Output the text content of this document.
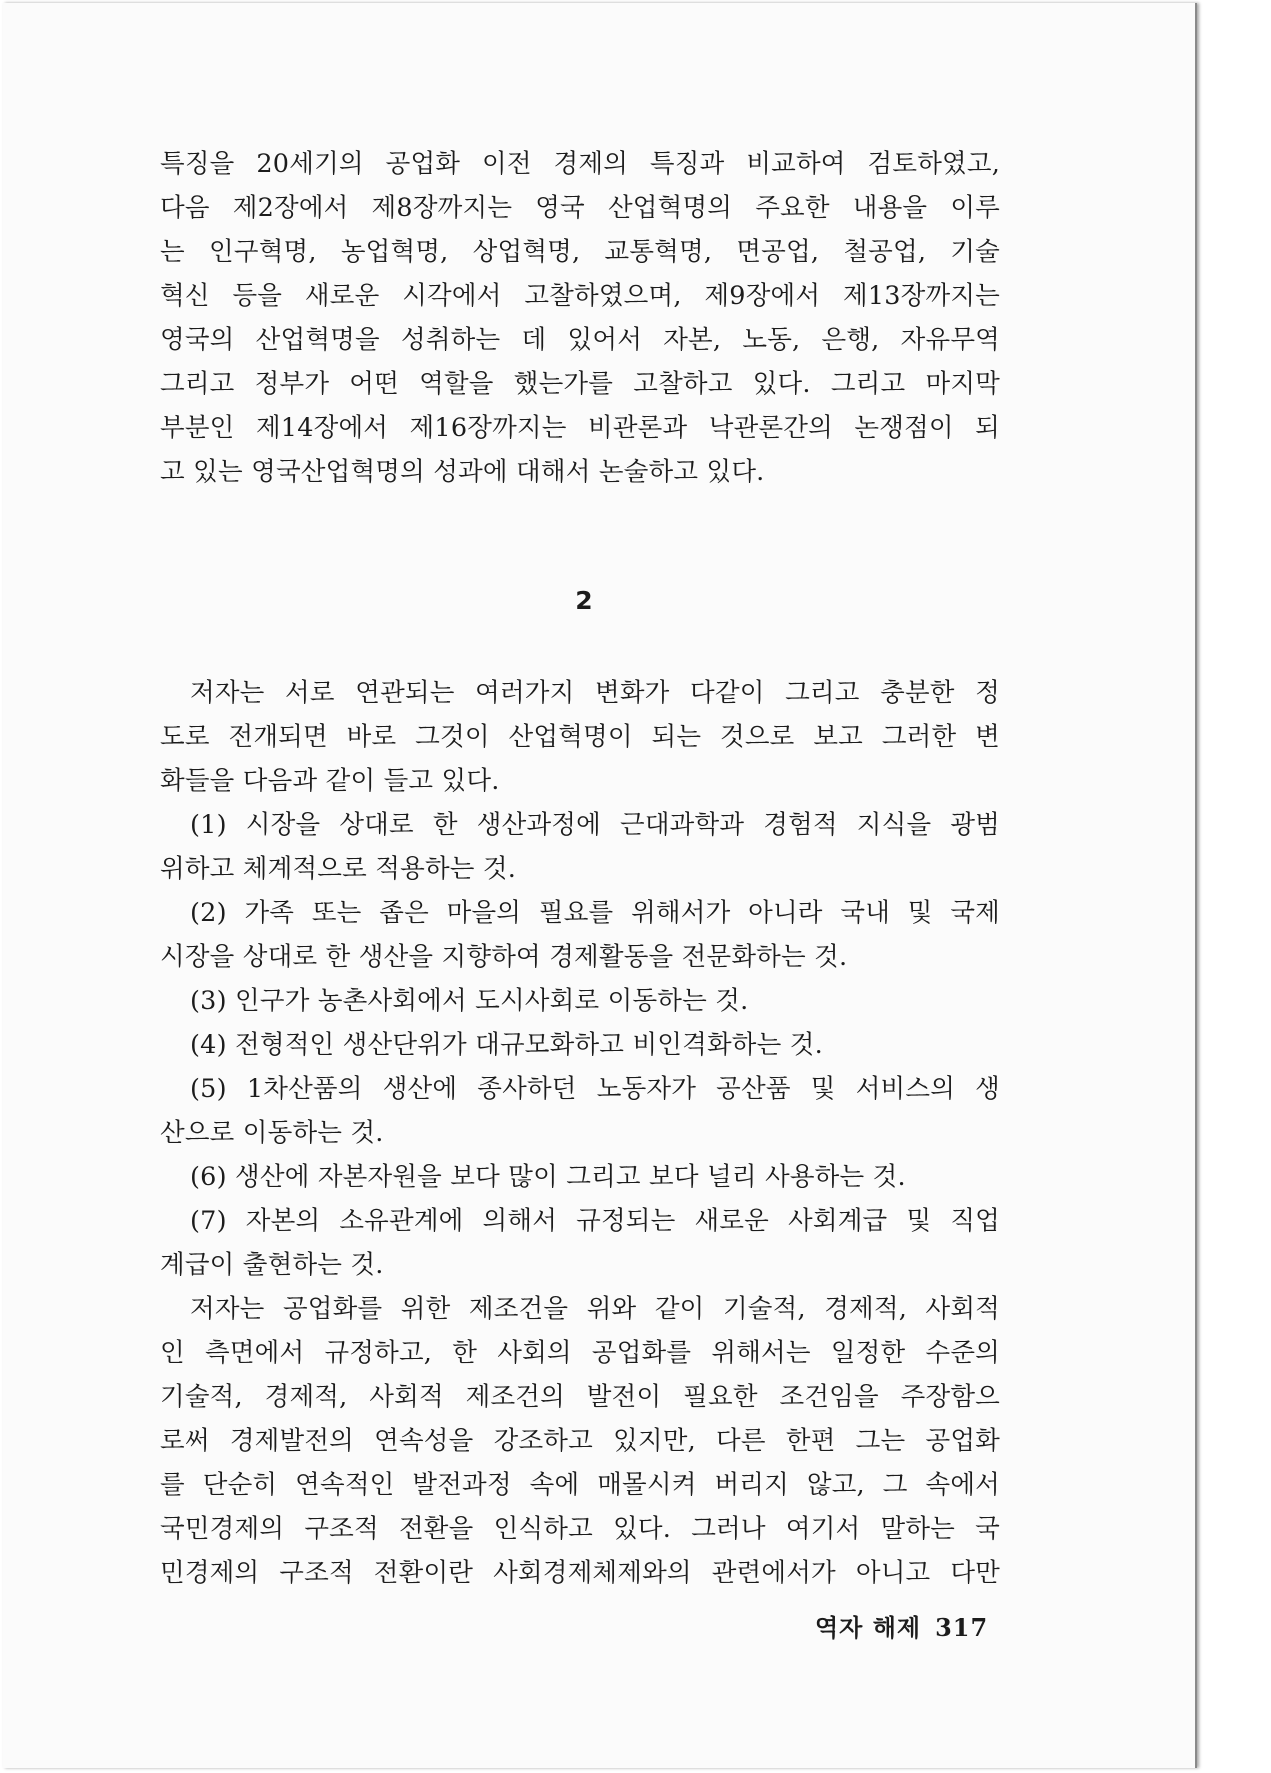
특징을 20세기의 공업화 이전 경제의 특징과 비교하여 검토하였고,
다음 제2장에서 제8장까지는 영국 산업혁명의 주요한 내용을 이루
는 인구혁명, 농업혁명, 상업혁명, 교통혁명, 면공업, 철공업, 기술
혁신 등을 새로운 시각에서 고찰하였으며, 제9장에서 제13장까지는
영국의 산업혁명을 성취하는 데 있어서 자본, 노동, 은행, 자유무역
그리고 정부가 어떤 역할을 했는가를 고찰하고 있다. 그리고 마지막
부분인 제14장에서 제16장까지는 비관론과 낙관론간의 논쟁점이 되
고 있는 영국산업혁명의 성과에 대해서 논술하고 있다.
2
저자는 서로 연관되는 여러가지 변화가 다같이 그리고 충분한 정
도로 전개되면 바로 그것이 산업혁명이 되는 것으로 보고 그러한 변
화들을 다음과 같이 들고 있다.
(1) 시장을 상대로 한 생산과정에 근대과학과 경험적 지식을 광범
위하고 체계적으로 적용하는 것.
(2) 가족 또는 좁은 마을의 필요를 위해서가 아니라 국내 및 국제
시장을 상대로 한 생산을 지향하여 경제활동을 전문화하는 것.
(3) 인구가 농촌사회에서 도시사회로 이동하는 것.
(4) 전형적인 생산단위가 대규모화하고 비인격화하는 것.
(5) 1차산품의 생산에 종사하던 노동자가 공산품 및 서비스의 생
산으로 이동하는 것.
(6) 생산에 자본자원을 보다 많이 그리고 보다 널리 사용하는 것.
(7) 자본의 소유관계에 의해서 규정되는 새로운 사회계급 및 직업
계급이 출현하는 것.
저자는 공업화를 위한 제조건을 위와 같이 기술적, 경제적, 사회적
인 측면에서 규정하고, 한 사회의 공업화를 위해서는 일정한 수준의
기술적, 경제적, 사회적 제조건의 발전이 필요한 조건임을 주장함으
로써 경제발전의 연속성을 강조하고 있지만, 다른 한편 그는 공업화
를 단순히 연속적인 발전과정 속에 매몰시켜 버리지 않고, 그 속에서
국민경제의 구조적 전환을 인식하고 있다. 그러나 여기서 말하는 국
민경제의 구조적 전환이란 사회경제체제와의 관련에서가 아니고 다만
역자 해제 317
